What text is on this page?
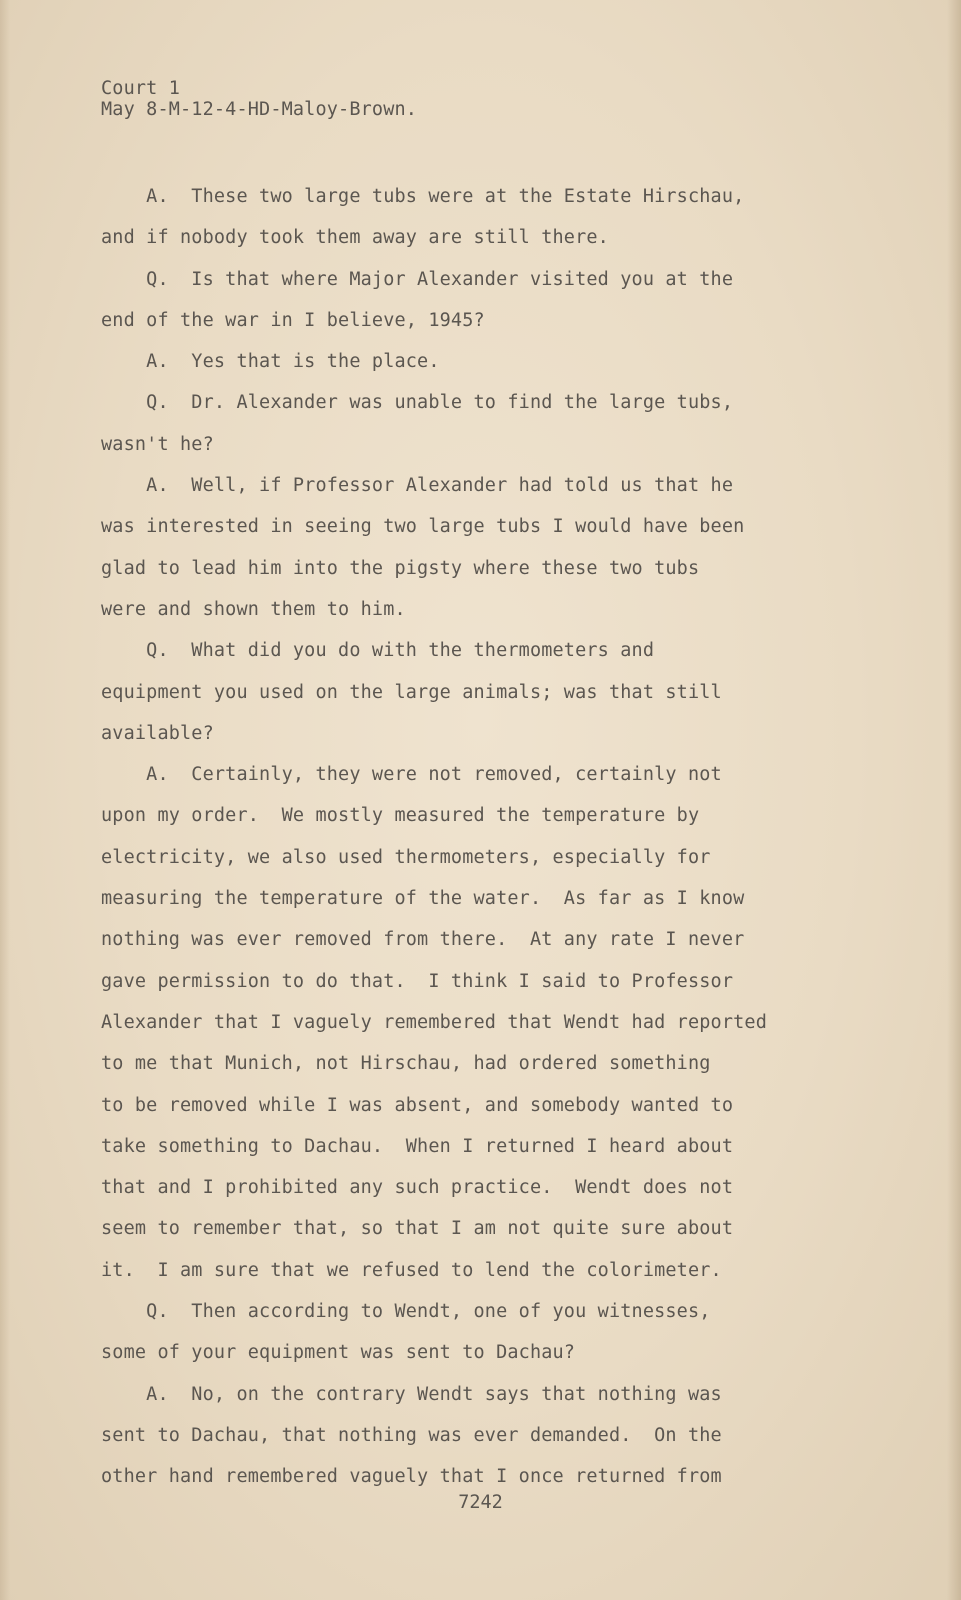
Court 1
May 8-M-12-4-HD-Maloy-Brown.
A.  These two large tubs were at the Estate Hirschau,
and if nobody took them away are still there.
Q.  Is that where Major Alexander visited you at the
end of the war in I believe, 1945?
A.  Yes that is the place.
Q.  Dr. Alexander was unable to find the large tubs,
wasn't he?
A.  Well, if Professor Alexander had told us that he
was interested in seeing two large tubs I would have been
glad to lead him into the pigsty where these two tubs
were and shown them to him.
Q.  What did you do with the thermometers and
equipment you used on the large animals; was that still
available?
A.  Certainly, they were not removed, certainly not
upon my order.  We mostly measured the temperature by
electricity, we also used thermometers, especially for
measuring the temperature of the water.  As far as I know
nothing was ever removed from there.  At any rate I never
gave permission to do that.  I think I said to Professor
Alexander that I vaguely remembered that Wendt had reported
to me that Munich, not Hirschau, had ordered something
to be removed while I was absent, and somebody wanted to
take something to Dachau.  When I returned I heard about
that and I prohibited any such practice.  Wendt does not
seem to remember that, so that I am not quite sure about
it.  I am sure that we refused to lend the colorimeter.
Q.  Then according to Wendt, one of you witnesses,
some of your equipment was sent to Dachau?
A.  No, on the contrary Wendt says that nothing was
sent to Dachau, that nothing was ever demanded.  On the
other hand remembered vaguely that I once returned from
7242
